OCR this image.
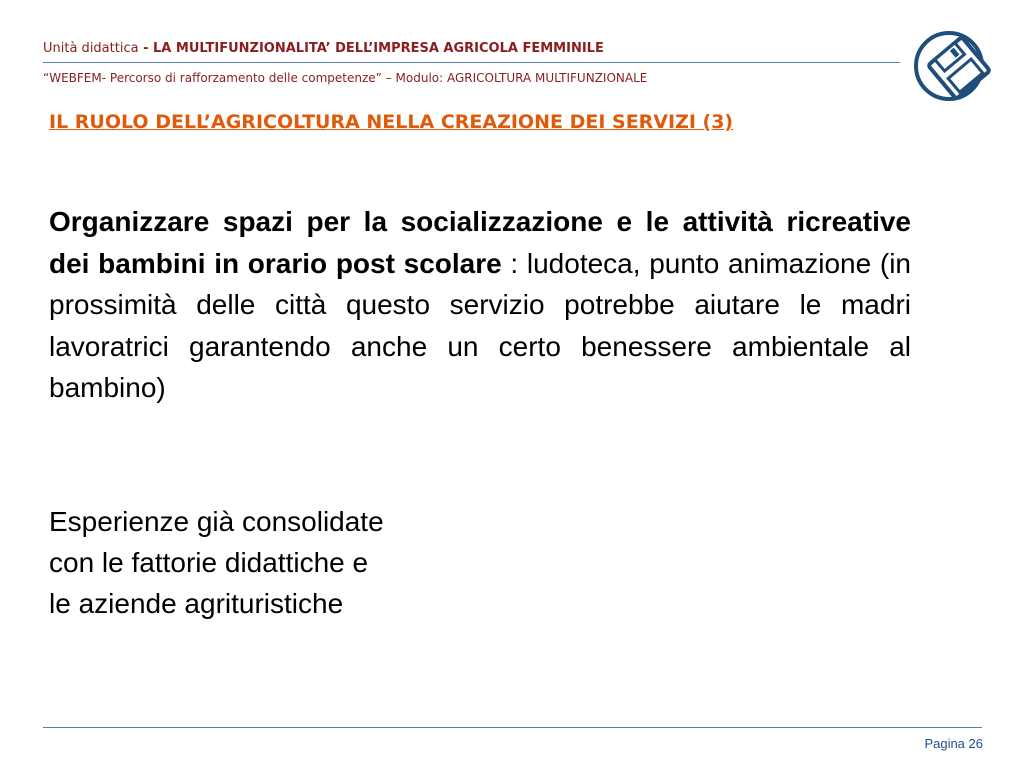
Unità didattica - LA MULTIFUNZIONALITA’ DELL’IMPRESA AGRICOLA FEMMINILE
“WEBFEM- Percorso di rafforzamento delle competenze” – Modulo: AGRICOLTURA MULTIFUNZIONALE
IL RUOLO DELL’AGRICOLTURA NELLA CREAZIONE DEI SERVIZI (3)
Organizzare spazi per la socializzazione e le attività ricreative dei bambini in orario post scolare : ludoteca, punto animazione (in prossimità delle città questo servizio potrebbe aiutare le madri lavoratrici garantendo anche un certo benessere ambientale al bambino)
Esperienze già consolidate
con le fattorie didattiche e
le aziende agrituristiche
Pagina 26
